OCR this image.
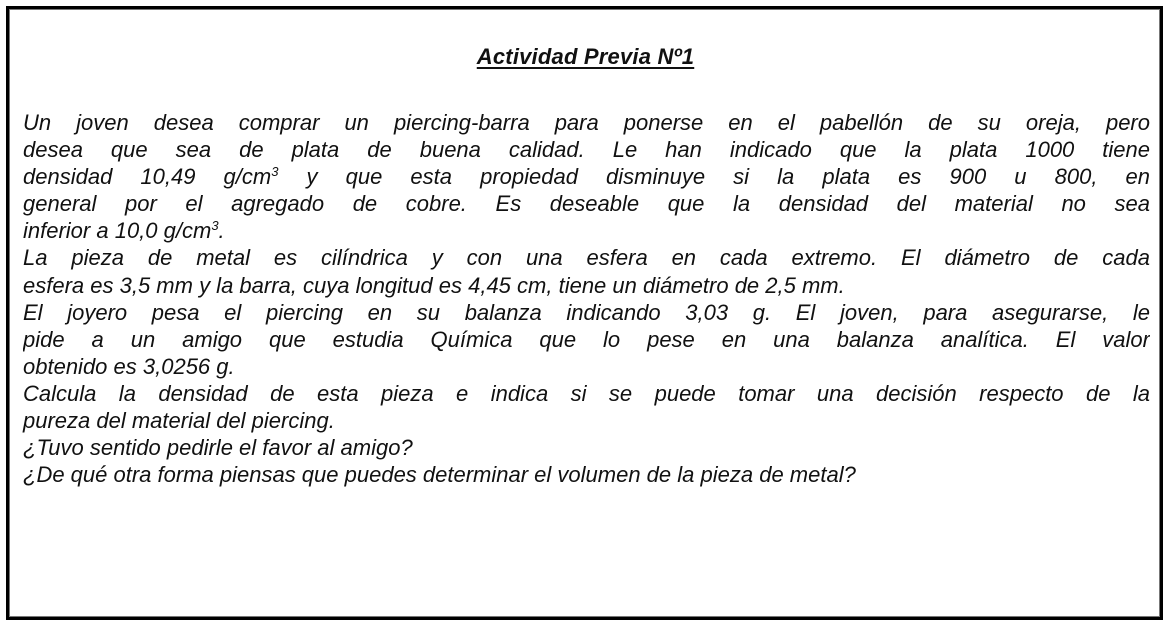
Actividad Previa Nº1
Un joven desea comprar un piercing-barra para ponerse en el pabellón de su oreja, pero
desea que sea de plata de buena calidad. Le han indicado que la plata 1000 tiene
densidad 10,49 $g/cm^3$ y que esta propiedad disminuye si la plata es 900 u 800, en
general por el agregado de cobre. Es deseable que la densidad del material no sea
inferior a 10,0 $g/cm^3$.
La pieza de metal es cilíndrica y con una esfera en cada extremo. El diámetro de cada
esfera es 3,5 mm y la barra, cuya longitud es 4,45 cm, tiene un diámetro de 2,5 mm.
El joyero pesa el piercing en su balanza indicando 3,03 g. El joven, para asegurarse, le
pide a un amigo que estudia Química que lo pese en una balanza analítica. El valor
obtenido es 3,0256 g.
Calcula la densidad de esta pieza e indica si se puede tomar una decisión respecto de la
pureza del material del piercing.
¿Tuvo sentido pedirle el favor al amigo?
¿De qué otra forma piensas que puedes determinar el volumen de la pieza de metal?
